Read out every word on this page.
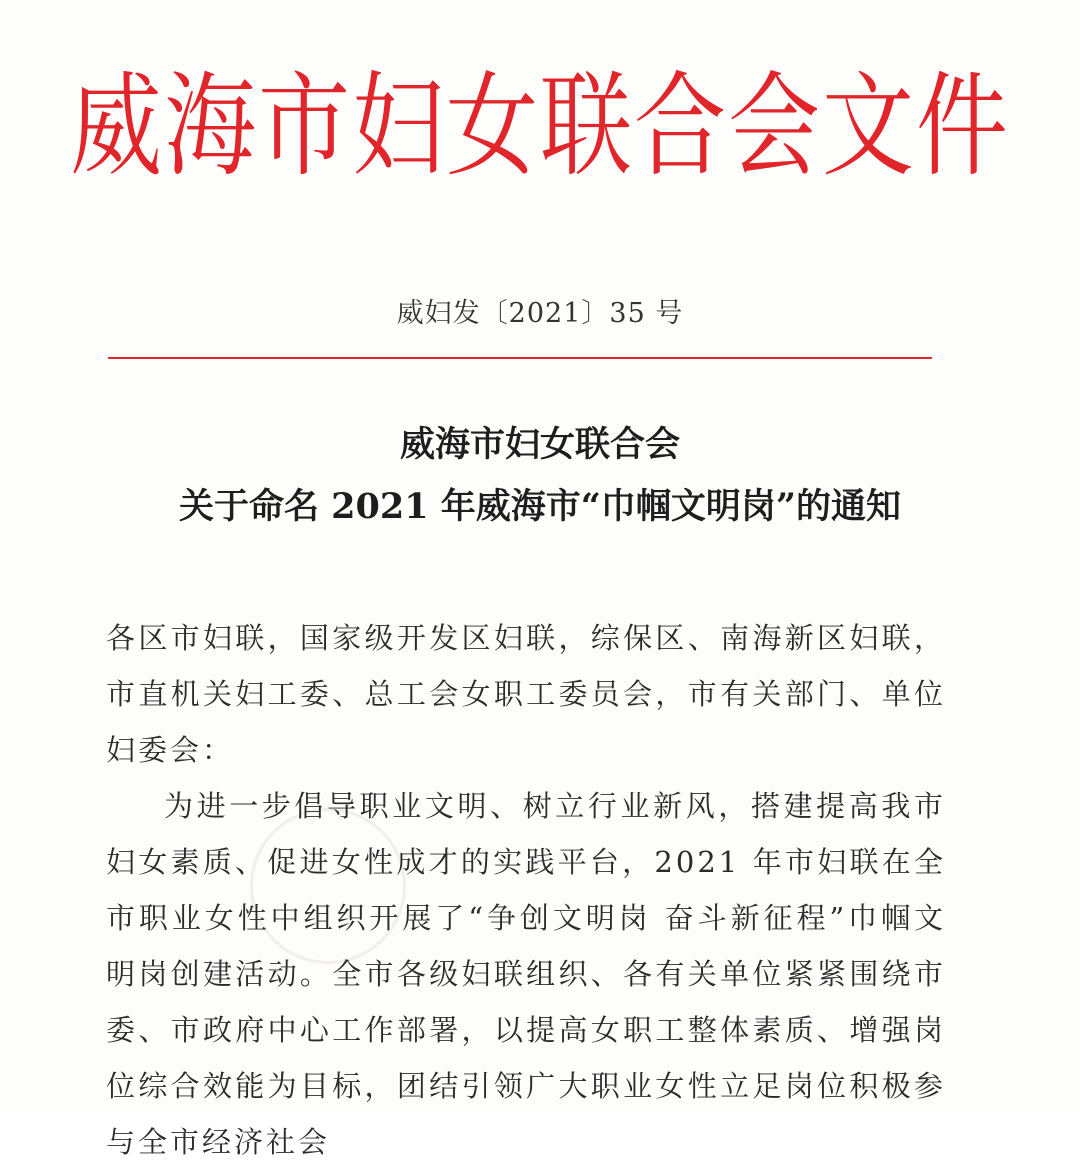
威海市妇女联合会文件
威妇发〔2021〕35 号
威海市妇女联合会
关于命名 2021 年威海市“巾帼文明岗”的通知

各区市妇联，国家级开发区妇联，综保区、南海新区妇联，市直机关妇工委、总工会女职工委员会，市有关部门、单位妇委会：

为进一步倡导职业文明、树立行业新风，搭建提高我市妇女素质、促进女性成才的实践平台，2021 年市妇联在全市职业女性中组织开展了“争创文明岗 奋斗新征程”巾帼文明岗创建活动。全市各级妇联组织、各有关单位紧紧围绕市委、市政府中心工作部署，以提高女职工整体素质、增强岗位综合效能为目标，团结引领广大职业女性立足岗位积极参与全市经济社会
